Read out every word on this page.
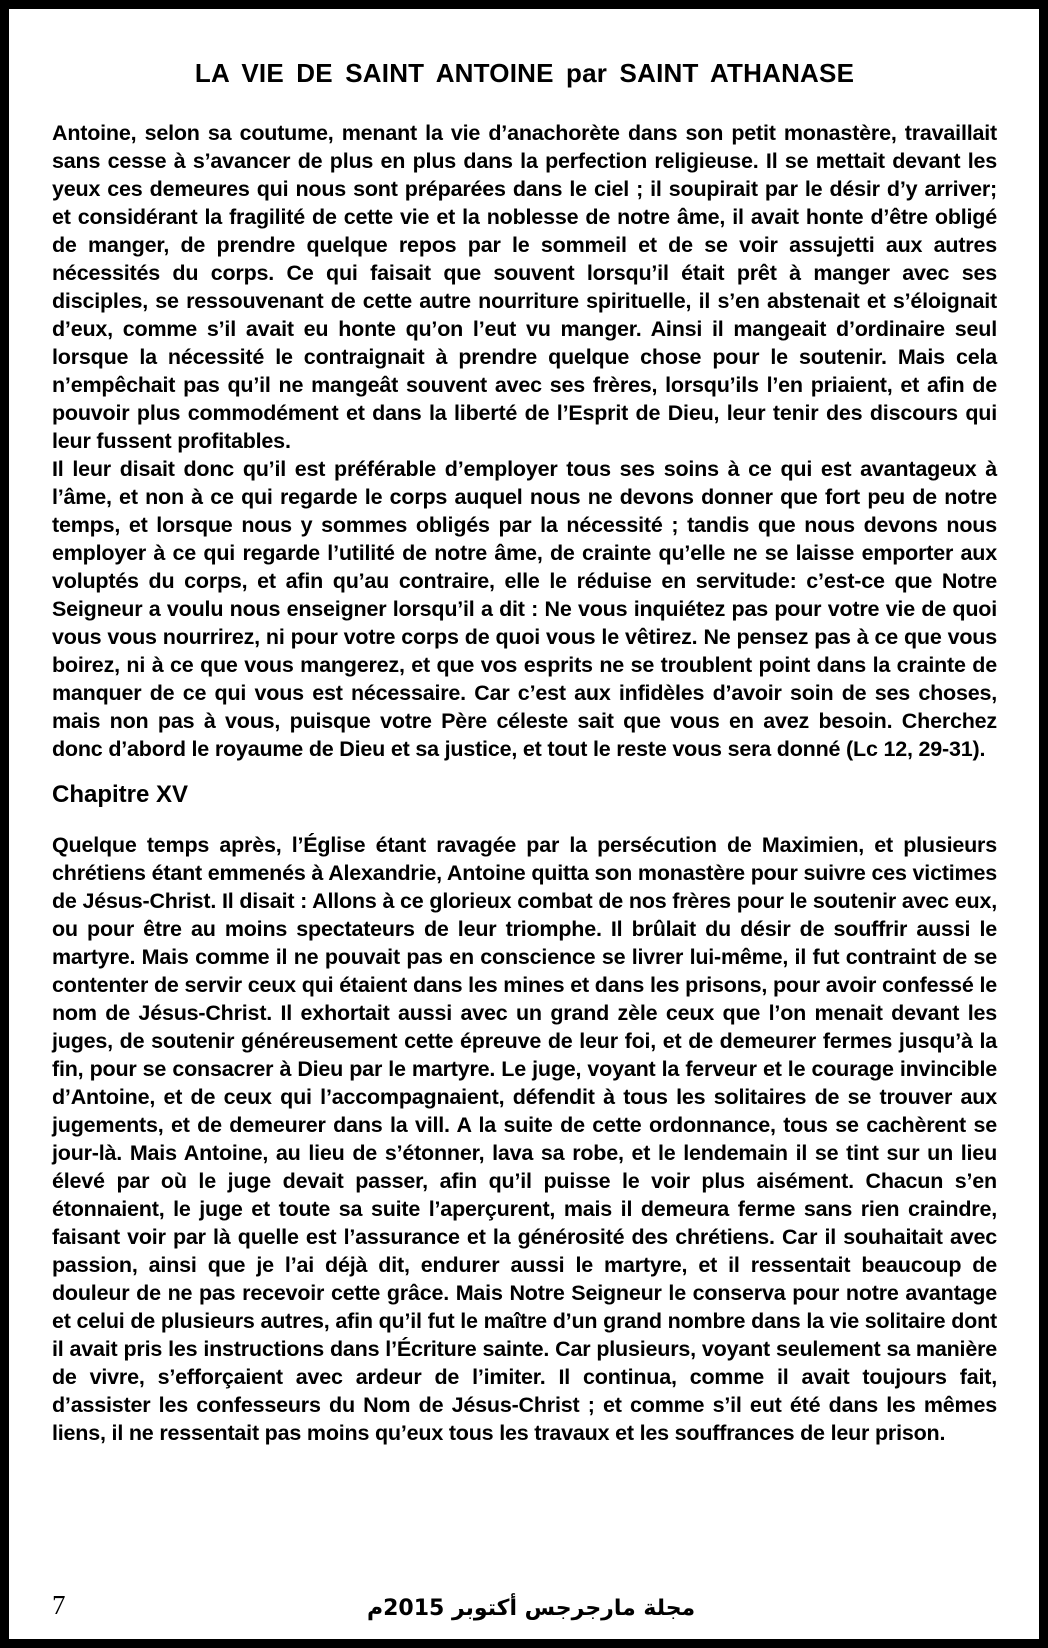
LA VIE DE SAINT ANTOINE par SAINT ATHANASE

Antoine, selon sa coutume, menant la vie d’anachorète dans son petit monastère, travaillait sans cesse à s’avancer de plus en plus dans la perfection religieuse. Il se mettait devant les yeux ces demeures qui nous sont préparées dans le ciel ; il soupirait par le désir d’y arriver; et considérant la fragilité de cette vie et la noblesse de notre âme, il avait honte d’être obligé de manger, de prendre quelque repos par le sommeil et de se voir assujetti aux autres nécessités du corps. Ce qui faisait que souvent lorsqu’il était prêt à manger avec ses disciples, se ressouvenant de cette autre nourriture spirituelle, il s’en abstenait et s’éloignait d’eux, comme s’il avait eu honte qu’on l’eut vu manger. Ainsi il mangeait d’ordinaire seul lorsque la nécessité le contraignait à prendre quelque chose pour le soutenir. Mais cela n’empêchait pas qu’il ne mangeât souvent avec ses frères, lorsqu’ils l’en priaient, et afin de pouvoir plus commodément et dans la liberté de l’Esprit de Dieu, leur tenir des discours qui leur fussent profitables.

Il leur disait donc qu’il est préférable d’employer tous ses soins à ce qui est avantageux à l’âme, et non à ce qui regarde le corps auquel nous ne devons donner que fort peu de notre temps, et lorsque nous y sommes obligés par la nécessité ; tandis que nous devons nous employer à ce qui regarde l’utilité de notre âme, de crainte qu’elle ne se laisse emporter aux voluptés du corps, et afin qu’au contraire, elle le réduise en servitude: c’est-ce que Notre Seigneur a voulu nous enseigner lorsqu’il a dit : Ne vous inquiétez pas pour votre vie de quoi vous vous nourrirez, ni pour votre corps de quoi vous le vêtirez. Ne pensez pas à ce que vous boirez, ni à ce que vous mangerez, et que vos esprits ne se troublent point dans la crainte de manquer de ce qui vous est nécessaire. Car c’est aux infidèles d’avoir soin de ses choses, mais non pas à vous, puisque votre Père céleste sait que vous en avez besoin. Cherchez donc d’abord le royaume de Dieu et sa justice, et tout le reste vous sera donné (Lc 12, 29-31).

Chapitre XV

Quelque temps après, l’Église étant ravagée par la persécution de Maximien, et plusieurs chrétiens étant emmenés à Alexandrie, Antoine quitta son monastère pour suivre ces victimes de Jésus-Christ. Il disait : Allons à ce glorieux combat de nos frères pour le soutenir avec eux, ou pour être au moins spectateurs de leur triomphe. Il brûlait du désir de souffrir aussi le martyre. Mais comme il ne pouvait pas en conscience se livrer lui-même, il fut contraint de se contenter de servir ceux qui étaient dans les mines et dans les prisons, pour avoir confessé le nom de Jésus-Christ. Il exhortait aussi avec un grand zèle ceux que l’on menait devant les juges, de soutenir généreusement cette épreuve de leur foi, et de demeurer fermes jusqu’à la fin, pour se consacrer à Dieu par le martyre. Le juge, voyant la ferveur et le courage invincible d’Antoine, et de ceux qui l’accompagnaient, défendit à tous les solitaires de se trouver aux jugements, et de demeurer dans la vill. A la suite de cette ordonnance, tous se cachèrent se jour-là. Mais Antoine, au lieu de s’étonner, lava sa robe, et le lendemain il se tint sur un lieu élevé par où le juge devait passer, afin qu’il puisse le voir plus aisément. Chacun s’en étonnaient, le juge et toute sa suite l’aperçurent, mais il demeura ferme sans rien craindre, faisant voir par là quelle est l’assurance et la générosité des chrétiens. Car il souhaitait avec passion, ainsi que je l’ai déjà dit, endurer aussi le martyre, et il ressentait beaucoup de douleur de ne pas recevoir cette grâce. Mais Notre Seigneur le conserva pour notre avantage et celui de plusieurs autres, afin qu’il fut le maître d’un grand nombre dans la vie solitaire dont il avait pris les instructions dans l’Écriture sainte. Car plusieurs, voyant seulement sa manière de vivre, s’efforçaient avec ardeur de l’imiter. Il continua, comme il avait toujours fait, d’assister les confesseurs du Nom de Jésus-Christ ; et comme s’il eut été dans les mêmes liens, il ne ressentait pas moins qu’eux tous les travaux et les souffrances de leur prison.

7	مجلة مارجرجس أكتوبر 2015م
